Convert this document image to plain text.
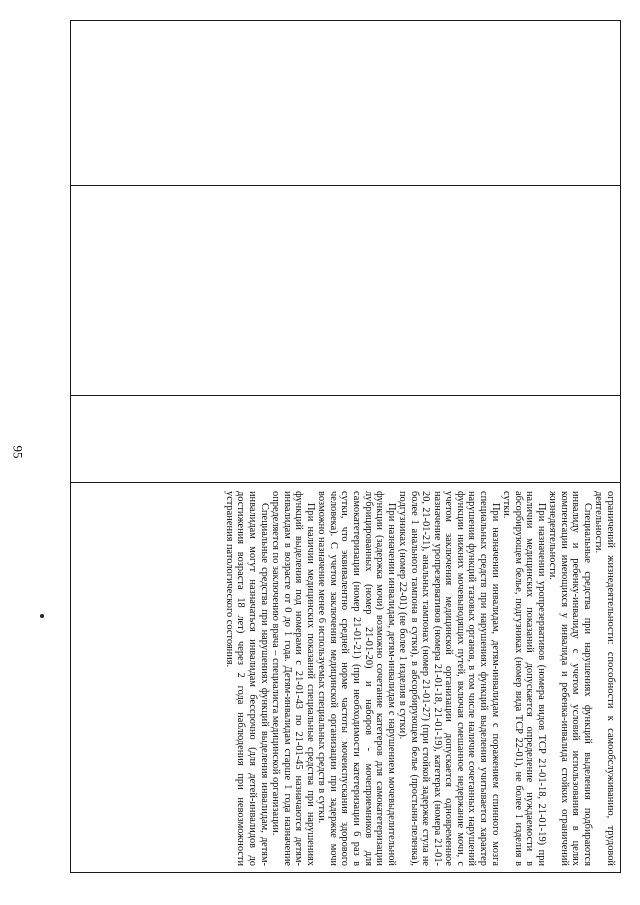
95

ограничений жизнедеятельности: способности к самообслуживанию, трудовой деятельности.

Специальные средства при нарушениях функций выделения подбираются инвалиду и ребенку-инвалиду с учетом условий использования в целях компенсации имеющихся у инвалида и ребенка-инвалида стойких ограничений жизнедеятельности.

При назначении уропрезервативов (номера видов ТСР 21-01-18, 21-01-19) при наличии медицинских показаний допускается определение нуждаемости в абсорбирующем белье, подгузниках (номер вида ТСР 22-01), не более 1 изделия в сутки.

При назначении инвалидам, детям-инвалидам с поражением спинного мозга специальных средств при нарушениях функций выделения учитывается характер нарушения функций тазовых органов, в том числе наличие сочетанных нарушений функции нижних мочевыводящих путей, включая смешанное недержание мочи, с учетом заключения медицинской организации допускается одновременное назначение уропрезервативов (номера 21-01-18, 21-01-19), катетерах (номера 21-01-20, 21-01-21), анальных тампонах (номер 21-01-27) (при стойкой задержке стула не более 1 анального тампона в сутки), в абсорбирующем белье (простыни-пеленка), подгузниках (номер 22-01) (не более 1 изделия в сутки).

При назначении инвалидам, детям-инвалидам с нарушением мочевыделительной функции (задержка мочи) возможно сочетание катетеров для самокатетеризации лубрицированных (номер 21-01-20) и наборов - мочеприемников для самокатетеризации (номер 21-01-21) (при необходимости катетеризации 6 раз в сутки, что эквивалентно средней норме частоты мочеиспускания здорового человека). С учетом заключения медицинской организации при задержке мочи возможно назначение менее 6 используемых специальных средств в сутки.

При наличии медицинских показаний специальные средства при нарушениях функций выделения под номерами с 21-01-43 по 21-01-45 назначаются детям-инвалидам в возрасте от 0 до 1 года. Детям-инвалидам старше 1 года назначение определяется по заключению врача – специалиста медицинской организации.

Специальные средства при нарушениях функций выделения инвалидам, детям-инвалидам могут назначаться инвалидам бессрочно (для детей-инвалидов до достижения возраста 18 лет) через 2 года наблюдения при невозможности устранения патологического состояния.
